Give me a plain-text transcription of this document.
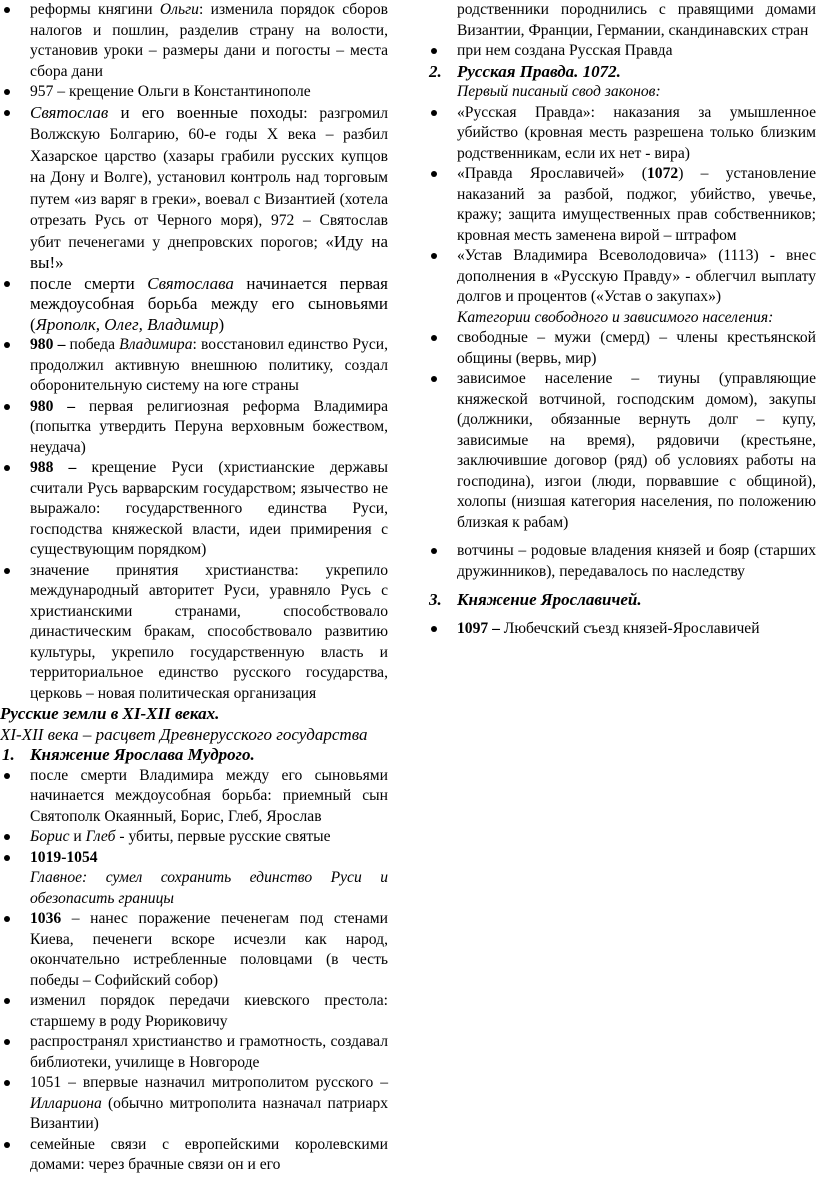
реформы княгини Ольги: изменила порядок сборов налогов и пошлин, разделив страну на волости, установив уроки – размеры дани и погосты – места сбора дани
957 – крещение Ольги в Константинополе
Святослав и его военные походы: разгромил Волжскую Болгарию, 60-е годы Х века – разбил Хазарское царство (хазары грабили русских купцов на Дону и Волге), установил контроль над торговым путем «из варяг в греки», воевал с Византией (хотела отрезать Русь от Черного моря), 972 – Святослав убит печенегами у днепровских порогов; «Иду на вы!»
после смерти Святослава начинается первая междоусобная борьба между его сыновьями (Ярополк, Олег, Владимир)
980 – победа Владимира: восстановил единство Руси, продолжил активную внешнюю политику, создал оборонительную систему на юге страны
980 – первая религиозная реформа Владимира (попытка утвердить Перуна верховным божеством, неудача)
988 – крещение Руси (христианские державы считали Русь варварским государством; язычество не выражало: государственного единства Руси, господства княжеской власти, идеи примирения с существующим порядком)
значение принятия христианства: укрепило международный авторитет Руси, уравняло Русь с христианскими странами, способствовало династическим бракам, способствовало развитию культуры, укрепило государственную власть и территориальное единство русского государства, церковь – новая политическая организация
Русские земли в XI-XII веках.
XI-XII века – расцвет Древнерусского государства
1. Княжение Ярослава Мудрого.
после смерти Владимира между его сыновьями начинается междоусобная борьба: приемный сын Святополк Окаянный, Борис, Глеб, Ярослав
Борис и Глеб - убиты, первые русские святые
1019-1054
Главное: сумел сохранить единство Руси и обезопасить границы
1036 – нанес поражение печенегам под стенами Киева, печенеги вскоре исчезли как народ, окончательно истребленные половцами (в честь победы – Софийский собор)
изменил порядок передачи киевского престола: старшему в роду Рюриковичу
распространял христианство и грамотность, создавал библиотеки, училище в Новгороде
1051 – впервые назначил митрополитом русского – Иллариона (обычно митрополита назначал патриарх Византии)
семейные связи с европейскими королевскими домами: через брачные связи он и его
родственники породнились с правящими домами Византии, Франции, Германии, скандинавских стран
при нем создана Русская Правда
2. Русская Правда. 1072.
Первый писаный свод законов:
«Русская Правда»: наказания за умышленное убийство (кровная месть разрешена только близким родственникам, если их нет - вира)
«Правда Ярославичей» (1072) – установление наказаний за разбой, поджог, убийство, увечье, кражу; защита имущественных прав собственников; кровная месть заменена вирой – штрафом
«Устав Владимира Всеволодовича» (1113) - внес дополнения в «Русскую Правду» - облегчил выплату долгов и процентов («Устав о закупах»)
Категории свободного и зависимого населения:
свободные – мужи (смерд) – члены крестьянской общины (вервь, мир)
зависимое население – тиуны (управляющие княжеской вотчиной, господским домом), закупы (должники, обязанные вернуть долг – купу, зависимые на время), рядовичи (крестьяне, заключившие договор (ряд) об условиях работы на господина), изгои (люди, порвавшие с общиной), холопы (низшая категория населения, по положению близкая к рабам)
вотчины – родовые владения князей и бояр (старших дружинников), передавалось по наследству
3. Княжение Ярославичей.
1097 – Любечский съезд князей-Ярославичей
